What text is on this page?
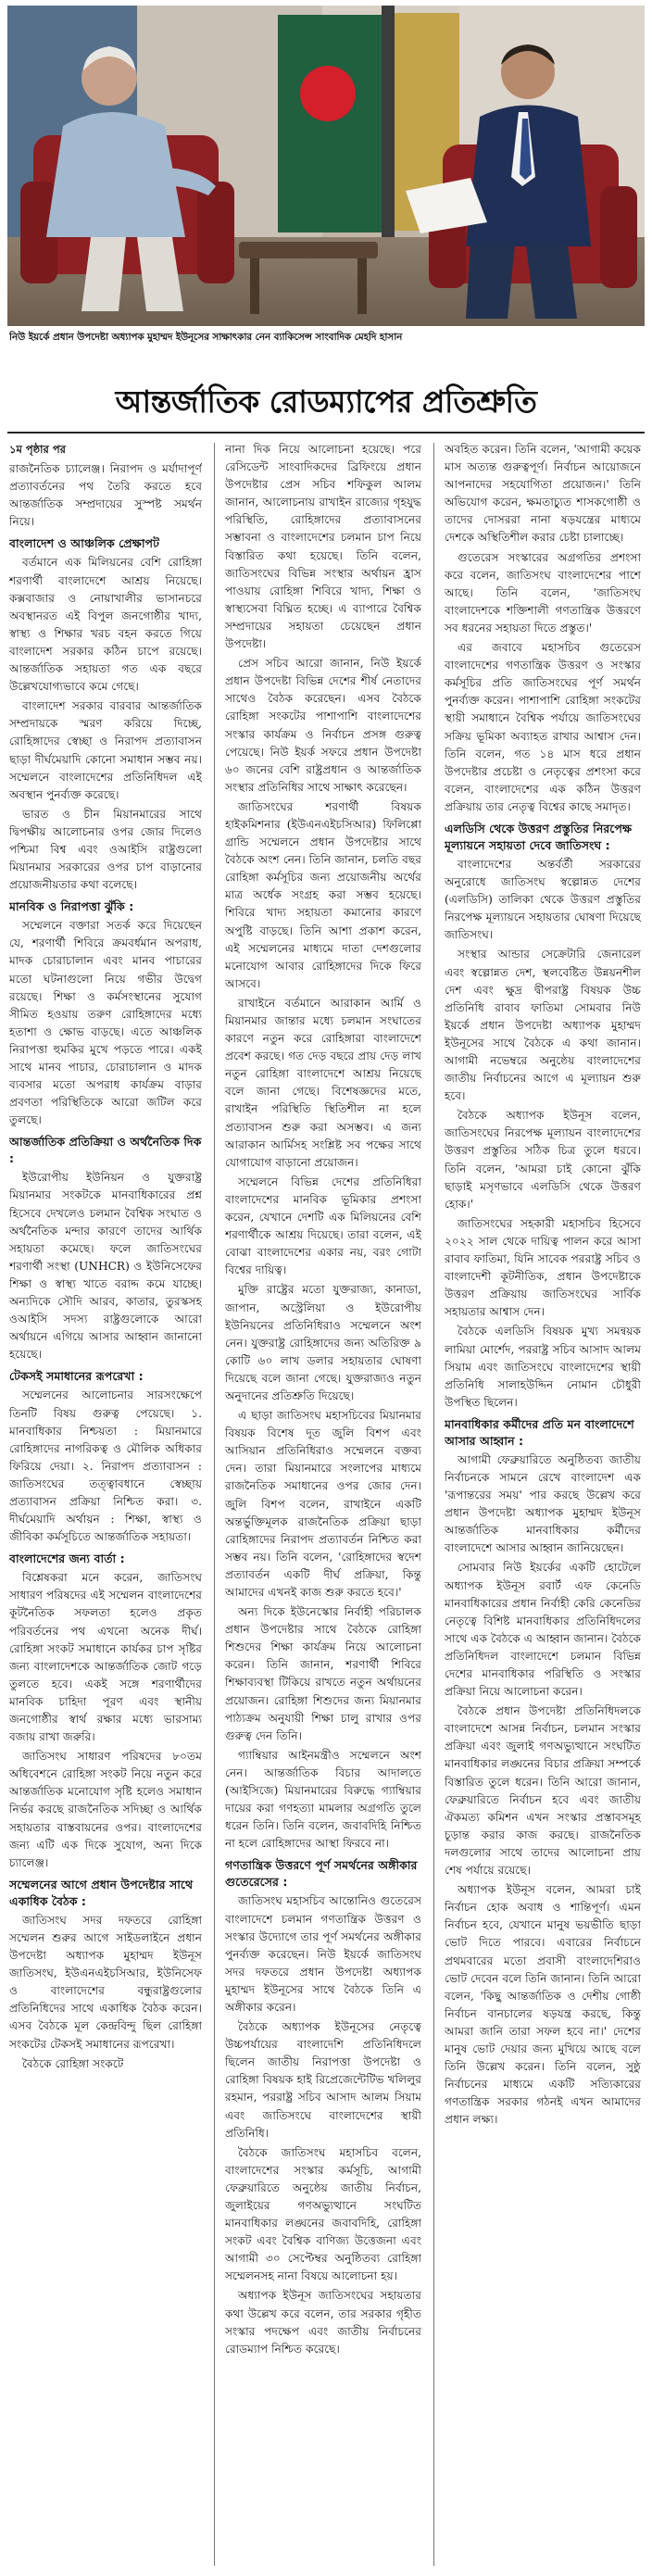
নিউ ইয়র্কে প্রধান উপদেষ্টা অধ্যাপক মুহাম্মদ ইউনূসের সাক্ষাৎকার নেন ব্যাকিসেন্স সাংবাদিক মেহদি হাসান
আন্তর্জাতিক রোডম্যাপের প্রতিশ্রুতি
১ম পৃষ্ঠার পর

রাজনৈতিক চ্যালেঞ্জ। নিরাপদ ও মর্যাদাপূর্ণ প্রত্যাবর্তনের পথ তৈরি করতে হবে আন্তর্জাতিক সম্প্রদায়ের সুস্পষ্ট সমর্থন নিয়ে।

বাংলাদেশ ও আঞ্চলিক প্রেক্ষাপট

বর্তমানে এক মিলিয়নের বেশি রোহিঙ্গা শরণার্থী বাংলাদেশে আশ্রয় নিয়েছে। কক্সবাজার ও নোয়াখালীর ভাসানচরে অবস্থানরত এই বিপুল জনগোষ্ঠীর খাদ্য, স্বাস্থ্য ও শিক্ষার খরচ বহন করতে গিয়ে বাংলাদেশ সরকার কঠিন চাপে রয়েছে। আন্তর্জাতিক সহায়তা গত এক বছরে উল্লেখযোগ্যভাবে কমে গেছে।

বাংলাদেশ সরকার বারবার আন্তর্জাতিক সম্প্রদায়কে স্মরণ করিয়ে দিচ্ছে, রোহিঙ্গাদের স্বেচ্ছা ও নিরাপদ প্রত্যাবাসন ছাড়া দীর্ঘমেয়াদি কোনো সমাধান সম্ভব নয়। সম্মেলনে বাংলাদেশের প্রতিনিধিদল এই অবস্থান পুনর্ব্যক্ত করেছে।

ভারত ও চীন মিয়ানমারের সাথে দ্বিপক্ষীয় আলোচনার ওপর জোর দিলেও পশ্চিমা বিশ্ব এবং ওআইসি রাষ্ট্রগুলো মিয়ানমার সরকারের ওপর চাপ বাড়ানোর প্রয়োজনীয়তার কথা বলেছে।

মানবিক ও নিরাপত্তা ঝুঁকি :

সম্মেলনে বক্তারা সতর্ক করে দিয়েছেন যে, শরণার্থী শিবিরে ক্রমবর্ধমান অপরাধ, মাদক চোরাচালান এবং মানব পাচারের মতো ঘটনাগুলো নিয়ে গভীর উদ্বেগ রয়েছে। শিক্ষা ও কর্মসংস্থানের সুযোগ সীমিত হওয়ায় তরুণ রোহিঙ্গাদের মধ্যে হতাশা ও ক্ষোভ বাড়ছে। এতে আঞ্চলিক নিরাপত্তা হুমকির মুখে পড়তে পারে। একই সাথে মানব পাচার, চোরাচালান ও মাদক ব্যবসার মতো অপরাধ কার্যক্রম বাড়ার প্রবণতা পরিস্থিতিকে আরো জটিল করে তুলছে।

আন্তর্জাতিক প্রতিক্রিয়া ও অর্থনৈতিক দিক :

ইউরোপীয় ইউনিয়ন ও যুক্তরাষ্ট্র মিয়ানমার সংকটকে মানবাধিকারের প্রশ্ন হিসেবে দেখলেও চলমান বৈশ্বিক সংঘাত ও অর্থনৈতিক মন্দার কারণে তাদের আর্থিক সহায়তা কমেছে। ফলে জাতিসংঘের শরণার্থী সংস্থা (UNHCR) ও ইউনিসেফের শিক্ষা ও স্বাস্থ্য খাতে বরাদ্দ কমে যাচ্ছে। অন্যদিকে সৌদি আরব, কাতার, তুরস্কসহ ওআইসি সদস্য রাষ্ট্রগুলোকে আরো অর্থায়নে এগিয়ে আসার আহ্বান জানানো হয়েছে।

টেকসই সমাধানের রূপরেখা :

সম্মেলনের আলোচনার সারসংক্ষেপে তিনটি বিষয় গুরুত্ব পেয়েছে। ১. মানবাধিকার নিশ্চয়তা : মিয়ানমারে রোহিঙ্গাদের নাগরিকত্ব ও মৌলিক অধিকার ফিরিয়ে দেয়া। ২. নিরাপদ প্রত্যাবাসন : জাতিসংঘের তত্ত্বাবধানে স্বেচ্ছায় প্রত্যাবাসন প্রক্রিয়া নিশ্চিত করা। ৩. দীর্ঘমেয়াদি অর্থায়ন : শিক্ষা, স্বাস্থ্য ও জীবিকা কর্মসূচিতে আন্তর্জাতিক সহায়তা।

বাংলাদেশের জন্য বার্তা :

বিশ্লেষকরা মনে করেন, জাতিসংঘ সাধারণ পরিষদের এই সম্মেলন বাংলাদেশের কূটনৈতিক সফলতা হলেও প্রকৃত পরিবর্তনের পথ এখনো অনেক দীর্ঘ। রোহিঙ্গা সংকট সমাধানে কার্যকর চাপ সৃষ্টির জন্য বাংলাদেশকে আন্তর্জাতিক জোট গড়ে তুলতে হবে। একই সঙ্গে শরণার্থীদের মানবিক চাহিদা পূরণ এবং স্থানীয় জনগোষ্ঠীর স্বার্থ রক্ষার মধ্যে ভারসাম্য বজায় রাখা জরুরি।

জাতিসংঘ সাধারণ পরিষদের ৮০তম অধিবেশনে রোহিঙ্গা সংকট নিয়ে নতুন করে আন্তর্জাতিক মনোযোগ সৃষ্টি হলেও সমাধান নির্ভর করছে রাজনৈতিক সদিচ্ছা ও আর্থিক সহায়তার বাস্তবায়নের ওপর। বাংলাদেশের জন্য এটি এক দিকে সুযোগ, অন্য দিকে চ্যালেঞ্জ।

সম্মেলনের আগে প্রধান উপদেষ্টার সাথে একাধিক বৈঠক :

জাতিসংঘ সদর দফতরে রোহিঙ্গা সম্মেলন শুরুর আগে সাইডলাইনে প্রধান উপদেষ্টা অধ্যাপক মুহাম্মদ ইউনূস জাতিসংঘ, ইউএনএইচসিআর, ইউনিসেফ ও বাংলাদেশের বন্ধুরাষ্ট্রগুলোর প্রতিনিধিদের সাথে একাধিক বৈঠক করেন। এসব বৈঠকে মূল কেন্দ্রবিন্দু ছিল রোহিঙ্গা সংকটের টেকসই সমাধানের রূপরেখা।

বৈঠকে রোহিঙ্গা সংকটে

নানা দিক নিয়ে আলোচনা হয়েছে। পরে রেসিডেন্ট সাংবাদিকদের ব্রিফিংয়ে প্রধান উপদেষ্টার প্রেস সচিব শফিকুল আলম জানান, আলোচনায় রাখাইন রাজ্যের গৃহযুদ্ধ পরিস্থিতি, রোহিঙ্গাদের প্রত্যাবাসনের সম্ভাবনা ও বাংলাদেশের চলমান চাপ নিয়ে বিস্তারিত কথা হয়েছে। তিনি বলেন, জাতিসংঘের বিভিন্ন সংস্থার অর্থায়ন হ্রাস পাওয়ায় রোহিঙ্গা শিবিরে খাদ্য, শিক্ষা ও স্বাস্থ্যসেবা বিঘ্নিত হচ্ছে। এ ব্যাপারে বৈশ্বিক সম্প্রদায়ের সহায়তা চেয়েছেন প্রধান উপদেষ্টা।

প্রেস সচিব আরো জানান, নিউ ইয়র্কে প্রধান উপদেষ্টা বিভিন্ন দেশের শীর্ষ নেতাদের সাথেও বৈঠক করেছেন। এসব বৈঠকে রোহিঙ্গা সংকটের পাশাপাশি বাংলাদেশের সংস্কার কার্যক্রম ও নির্বাচন প্রসঙ্গ গুরুত্ব পেয়েছে। নিউ ইয়র্ক সফরে প্রধান উপদেষ্টা ৬০ জনের বেশি রাষ্ট্রপ্রধান ও আন্তর্জাতিক সংস্থার প্রতিনিধির সাথে সাক্ষাৎ করেছেন।

জাতিসংঘের শরণার্থী বিষয়ক হাইকমিশনার (ইউএনএইচসিআর) ফিলিপ্পো গ্রান্ডি সম্মেলনে প্রধান উপদেষ্টার সাথে বৈঠকে অংশ নেন। তিনি জানান, চলতি বছর রোহিঙ্গা কর্মসূচির জন্য প্রয়োজনীয় অর্থের মাত্র অর্ধেক সংগ্রহ করা সম্ভব হয়েছে। শিবিরে খাদ্য সহায়তা কমানোর কারণে অপুষ্টি বাড়ছে। তিনি আশা প্রকাশ করেন, এই সম্মেলনের মাধ্যমে দাতা দেশগুলোর মনোযোগ আবার রোহিঙ্গাদের দিকে ফিরে আসবে।

রাখাইনে বর্তমানে আরাকান আর্মি ও মিয়ানমার জান্তার মধ্যে চলমান সংঘাতের কারণে নতুন করে রোহিঙ্গারা বাংলাদেশে প্রবেশ করছে। গত দেড় বছরে প্রায় দেড় লাখ নতুন রোহিঙ্গা বাংলাদেশে আশ্রয় নিয়েছে বলে জানা গেছে। বিশেষজ্ঞদের মতে, রাখাইন পরিস্থিতি স্থিতিশীল না হলে প্রত্যাবাসন শুরু করা অসম্ভব। এ জন্য আরাকান আর্মিসহ সংশ্লিষ্ট সব পক্ষের সাথে যোগাযোগ বাড়ানো প্রয়োজন।

সম্মেলনে বিভিন্ন দেশের প্রতিনিধিরা বাংলাদেশের মানবিক ভূমিকার প্রশংসা করেন, যেখানে দেশটি এক মিলিয়নের বেশি শরণার্থীকে আশ্রয় দিয়েছে। তারা বলেন, এই বোঝা বাংলাদেশের একার নয়, বরং গোটা বিশ্বের দায়িত্ব।

মুক্তি রাষ্ট্রের মতো যুক্তরাজ্য, কানাডা, জাপান, অস্ট্রেলিয়া ও ইউরোপীয় ইউনিয়নের প্রতিনিধিরাও সম্মেলনে অংশ নেন। যুক্তরাষ্ট্র রোহিঙ্গাদের জন্য অতিরিক্ত ৯ কোটি ৬০ লাখ ডলার সহায়তার ঘোষণা দিয়েছে বলে জানা গেছে। যুক্তরাজ্যও নতুন অনুদানের প্রতিশ্রুতি দিয়েছে।

এ ছাড়া জাতিসংঘ মহাসচিবের মিয়ানমার বিষয়ক বিশেষ দূত জুলি বিশপ এবং আসিয়ান প্রতিনিধিরাও সম্মেলনে বক্তব্য দেন। তারা মিয়ানমারে সংলাপের মাধ্যমে রাজনৈতিক সমাধানের ওপর জোর দেন। জুলি বিশপ বলেন, রাখাইনে একটি অন্তর্ভুক্তিমূলক রাজনৈতিক প্রক্রিয়া ছাড়া রোহিঙ্গাদের নিরাপদ প্রত্যাবর্তন নিশ্চিত করা সম্ভব নয়। তিনি বলেন, 'রোহিঙ্গাদের স্বদেশ প্রত্যাবর্তন একটি দীর্ঘ প্রক্রিয়া, কিন্তু আমাদের এখনই কাজ শুরু করতে হবে।'

অন্য দিকে ইউনেস্কোর নির্বাহী পরিচালক প্রধান উপদেষ্টার সাথে বৈঠকে রোহিঙ্গা শিশুদের শিক্ষা কার্যক্রম নিয়ে আলোচনা করেন। তিনি জানান, শরণার্থী শিবিরে শিক্ষাব্যবস্থা টিকিয়ে রাখতে নতুন অর্থায়নের প্রয়োজন। রোহিঙ্গা শিশুদের জন্য মিয়ানমার পাঠ্যক্রম অনুযায়ী শিক্ষা চালু রাখার ওপর গুরুত্ব দেন তিনি।

গ্যাম্বিয়ার আইনমন্ত্রীও সম্মেলনে অংশ নেন। আন্তর্জাতিক বিচার আদালতে (আইসিজে) মিয়ানমারের বিরুদ্ধে গ্যাম্বিয়ার দায়ের করা গণহত্যা মামলার অগ্রগতি তুলে ধরেন তিনি। তিনি বলেন, জবাবদিহি নিশ্চিত না হলে রোহিঙ্গাদের আস্থা ফিরবে না।

গণতান্ত্রিক উত্তরণে পূর্ণ সমর্থনের অঙ্গীকার গুতেরেসের :

জাতিসংঘ মহাসচিব আন্তোনিও গুতেরেস বাংলাদেশে চলমান গণতান্ত্রিক উত্তরণ ও সংস্কার উদ্যোগে তার পূর্ণ সমর্থনের অঙ্গীকার পুনর্ব্যক্ত করেছেন। নিউ ইয়র্কে জাতিসংঘ সদর দফতরে প্রধান উপদেষ্টা অধ্যাপক মুহাম্মদ ইউনূসের সাথে বৈঠকে তিনি এ অঙ্গীকার করেন।

বৈঠকে অধ্যাপক ইউনূসের নেতৃত্বে উচ্চপর্যায়ের বাংলাদেশি প্রতিনিধিদলে ছিলেন জাতীয় নিরাপত্তা উপদেষ্টা ও রোহিঙ্গা বিষয়ক হাই রিপ্রেজেন্টেটিভ খলিলুর রহমান, পররাষ্ট্র সচিব আসাদ আলম সিয়াম এবং জাতিসংঘে বাংলাদেশের স্থায়ী প্রতিনিধি।

বৈঠকে জাতিসংঘ মহাসচিব বলেন, বাংলাদেশের সংস্কার কর্মসূচি, আগামী ফেব্রুয়ারিতে অনুষ্ঠেয় জাতীয় নির্বাচন, জুলাইয়ের গণঅভ্যুত্থানে সংঘটিত মানবাধিকার লঙ্ঘনের জবাবদিহি, রোহিঙ্গা সংকট এবং বৈশ্বিক বাণিজ্য উত্তেজনা এবং আগামী ৩০ সেপ্টেম্বর অনুষ্ঠিতব্য রোহিঙ্গা সম্মেলনসহ নানা বিষয়ে আলোচনা হয়।

অধ্যাপক ইউনূস জাতিসংঘের সহায়তার কথা উল্লেখ করে বলেন, তার সরকার গৃহীত সংস্কার পদক্ষেপ এবং জাতীয় নির্বাচনের রোডম্যাপ নিশ্চিত করেছে।

অবহিত করেন। তিনি বলেন, 'আগামী কয়েক মাস অত্যন্ত গুরুত্বপূর্ণ। নির্বাচন আয়োজনে আপনাদের সহযোগিতা প্রয়োজন।' তিনি অভিযোগ করেন, ক্ষমতাচ্যুত শাসকগোষ্ঠী ও তাদের দোসররা নানা ষড়যন্ত্রের মাধ্যমে দেশকে অস্থিতিশীল করার চেষ্টা চালাচ্ছে।

গুতেরেস সংস্কারের অগ্রগতির প্রশংসা করে বলেন, জাতিসংঘ বাংলাদেশের পাশে আছে। তিনি বলেন, 'জাতিসংঘ বাংলাদেশকে শক্তিশালী গণতান্ত্রিক উত্তরণে সব ধরনের সহায়তা দিতে প্রস্তুত।'

এর জবাবে মহাসচিব গুতেরেস বাংলাদেশের গণতান্ত্রিক উত্তরণ ও সংস্কার কর্মসূচির প্রতি জাতিসংঘের পূর্ণ সমর্থন পুনর্ব্যক্ত করেন। পাশাপাশি রোহিঙ্গা সংকটের স্থায়ী সমাধানে বৈশ্বিক পর্যায়ে জাতিসংঘের সক্রিয় ভূমিকা অব্যাহত রাখার আশ্বাস দেন। তিনি বলেন, গত ১৪ মাস ধরে প্রধান উপদেষ্টার প্রচেষ্টা ও নেতৃত্বের প্রশংসা করে বলেন, বাংলাদেশের এক কঠিন উত্তরণ প্রক্রিয়ায় তার নেতৃত্ব বিশ্বের কাছে সমাদৃত।

এলডিসি থেকে উত্তরণ প্রস্তুতির নিরপেক্ষ মূল্যায়নে সহায়তা দেবে জাতিসংঘ :

বাংলাদেশের অন্তর্বর্তী সরকারের অনুরোধে জাতিসংঘ স্বল্পোন্নত দেশের (এলডিসি) তালিকা থেকে উত্তরণ প্রস্তুতির নিরপেক্ষ মূল্যায়নে সহায়তার ঘোষণা দিয়েছে জাতিসংঘ।

সংস্থার আন্ডার সেক্রেটারি জেনারেল এবং স্বল্পোন্নত দেশ, স্থলবেষ্টিত উন্নয়নশীল দেশ এবং ক্ষুদ্র দ্বীপরাষ্ট্র বিষয়ক উচ্চ প্রতিনিধি রাবাব ফাতিমা সোমবার নিউ ইয়র্কে প্রধান উপদেষ্টা অধ্যাপক মুহাম্মদ ইউনূসের সাথে বৈঠকে এ কথা জানান। আগামী নভেম্বরে অনুষ্ঠেয় বাংলাদেশের জাতীয় নির্বাচনের আগে এ মূল্যায়ন শুরু হবে।

বৈঠকে অধ্যাপক ইউনূস বলেন, জাতিসংঘের নিরপেক্ষ মূল্যায়ন বাংলাদেশের উত্তরণ প্রস্তুতির সঠিক চিত্র তুলে ধরবে। তিনি বলেন, 'আমরা চাই কোনো ঝুঁকি ছাড়াই মসৃণভাবে এলডিসি থেকে উত্তরণ হোক।'

জাতিসংঘের সহকারী মহাসচিব হিসেবে ২০২২ সাল থেকে দায়িত্ব পালন করে আসা রাবাব ফাতিমা, যিনি সাবেক পররাষ্ট্র সচিব ও বাংলাদেশী কূটনীতিক, প্রধান উপদেষ্টাকে উত্তরণ প্রক্রিয়ায় জাতিসংঘের সার্বিক সহায়তার আশ্বাস দেন।

বৈঠকে এলডিসি বিষয়ক মুখ্য সমন্বয়ক লামিয়া মোর্শেদ, পররাষ্ট্র সচিব আসাদ আলম সিয়াম এবং জাতিসংঘে বাংলাদেশের স্থায়ী প্রতিনিধি সালাহউদ্দিন নোমান চৌধুরী উপস্থিত ছিলেন।

মানবাধিকার কর্মীদের প্রতি মন বাংলাদেশে আসার আহ্বান :

আগামী ফেব্রুয়ারিতে অনুষ্ঠিতব্য জাতীয় নির্বাচনকে সামনে রেখে বাংলাদেশ এক 'রূপান্তরের সময়' পার করছে উল্লেখ করে প্রধান উপদেষ্টা অধ্যাপক মুহাম্মদ ইউনূস আন্তর্জাতিক মানবাধিকার কর্মীদের বাংলাদেশে আসার আহ্বান জানিয়েছেন।

সোমবার নিউ ইয়র্কের একটি হোটেলে অধ্যাপক ইউনূস রবার্ট এফ কেনেডি মানবাধিকারের প্রধান নির্বাহী কেরি কেনেডির নেতৃত্বে বিশিষ্ট মানবাধিকার প্রতিনিধিদলের সাথে এক বৈঠকে এ আহ্বান জানান। বৈঠকে প্রতিনিধিদল বাংলাদেশে চলমান বিভিন্ন দেশের মানবাধিকার পরিস্থিতি ও সংস্কার প্রক্রিয়া নিয়ে আলোচনা করেন।

বৈঠকে প্রধান উপদেষ্টা প্রতিনিধিদলকে বাংলাদেশে আসন্ন নির্বাচন, চলমান সংস্কার প্রক্রিয়া এবং জুলাই গণঅভ্যুত্থানে সংঘটিত মানবাধিকার লঙ্ঘনের বিচার প্রক্রিয়া সম্পর্কে বিস্তারিত তুলে ধরেন। তিনি আরো জানান, ফেব্রুয়ারিতে নির্বাচন হবে এবং জাতীয় ঐকমত্য কমিশন এখন সংস্কার প্রস্তাবসমূহ চূড়ান্ত করার কাজ করছে। রাজনৈতিক দলগুলোর সাথে তাদের আলোচনা প্রায় শেষ পর্যায়ে রয়েছে।

অধ্যাপক ইউনূস বলেন, আমরা চাই নির্বাচন হোক অবাধ ও শান্তিপূর্ণ। এমন নির্বাচন হবে, যেখানে মানুষ ভয়ভীতি ছাড়া ভোট দিতে পারবে। এবারের নির্বাচনে প্রথমবারের মতো প্রবাসী বাংলাদেশিরাও ভোট দেবেন বলে তিনি জানান। তিনি আরো বলেন, 'কিছু আন্তর্জাতিক ও দেশীয় গোষ্ঠী নির্বাচন বানচালের ষড়যন্ত্র করছে, কিন্তু আমরা জানি তারা সফল হবে না।' দেশের মানুষ ভোট দেয়ার জন্য মুখিয়ে আছে বলে তিনি উল্লেখ করেন। তিনি বলেন, সুষ্ঠু নির্বাচনের মাধ্যমে একটি সত্যিকারের গণতান্ত্রিক সরকার গঠনই এখন আমাদের প্রধান লক্ষ্য।
